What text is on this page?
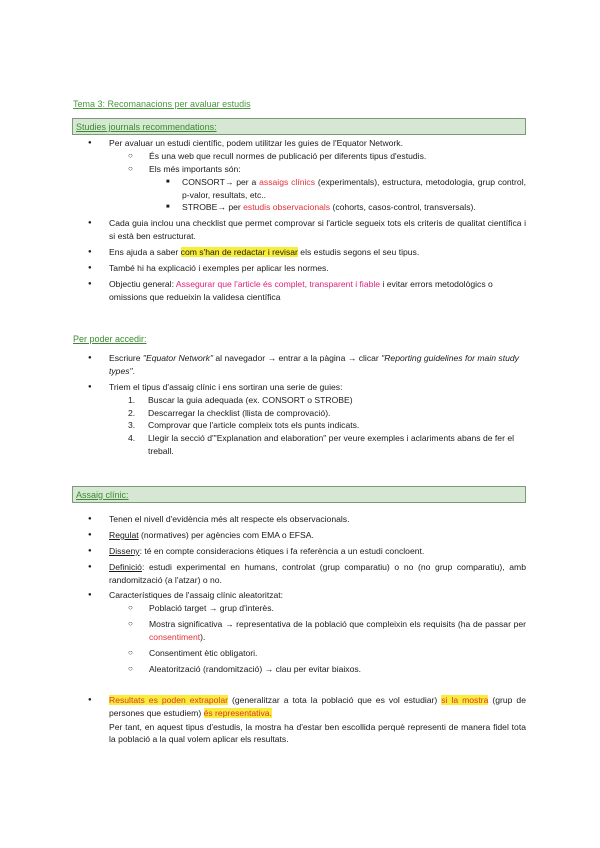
Tema 3: Recomanacions per avaluar estudis
Studies journals recommendations:
● Per avaluar un estudi científic, podem utilitzar les guies de l'Equator Network.
○ És una web que recull normes de publicació per diferents tipus d'estudis.
○ Els més importants són:
■ CONSORT→ per a assaigs clínics (experimentals), estructura, metodologia, grup control, p-valor, resultats, etc..
■ STROBE→ per estudis observacionals (cohorts, casos-control, transversals).
● Cada guia inclou una checklist que permet comprovar si l'article segueix tots els criteris de qualitat científica i si està ben estructurat.
● Ens ajuda a saber com s'han de redactar i revisar els estudis segons el seu tipus.
● També hi ha explicació i exemples per aplicar les normes.
● Objectiu general: Assegurar que l'article és complet, transparent i fiable i evitar errors metodològics o omissions que redueixin la validesa científica
Per poder accedir:
● Escriure "Equator Network" al navegador → entrar a la pàgina → clicar "Reporting guidelines for main study types".
● Triem el tipus d'assaig clínic i ens sortiran una serie de guies:
1. Buscar la guia adequada (ex. CONSORT o STROBE)
2. Descarregar la checklist (llista de comprovació).
3. Comprovar que l'article compleix tots els punts indicats.
4. Llegir la secció d'"Explanation and elaboration" per veure exemples i aclariments abans de fer el treball.
Assaig clínic:
● Tenen el nivell d'evidència més alt respecte els observacionals.
● Regulat (normatives) per agències com EMA o EFSA.
● Disseny: té en compte consideracions ètiques i fa referència a un estudi concloent.
● Definició: estudi experimental en humans, controlat (grup comparatiu) o no (no grup comparatiu), amb randomització (a l'atzar) o no.
● Característiques de l'assaig clínic aleatoritzat:
○ Població target → grup d'interès.
○ Mostra significativa → representativa de la població que compleixin els requisits (ha de passar per consentiment).
○ Consentiment ètic obligatori.
○ Aleatorització (randomització) → clau per evitar biaixos.
● Resultats es poden extrapolar (generalitzar a tota la població que es vol estudiar) si la mostra (grup de persones que estudiem) és representativa.
Per tant, en aquest tipus d'estudis, la mostra ha d'estar ben escollida perquè representi de manera fidel tota la població a la qual volem aplicar els resultats.
